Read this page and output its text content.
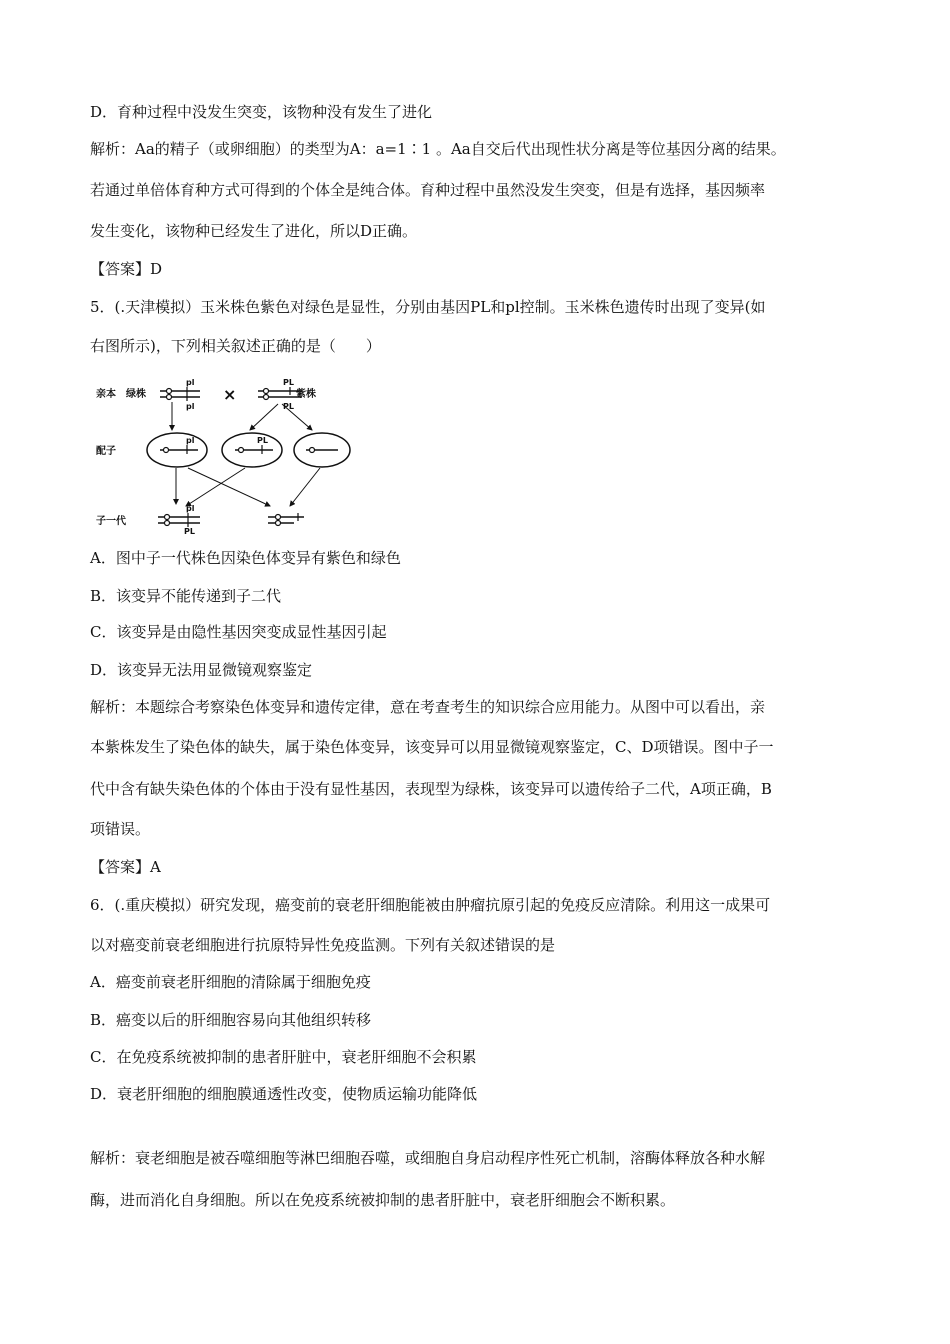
D．育种过程中没发生突变，该物种没有发生了进化
解析：Aa的精子（或卵细胞）的类型为A：a=1∶1 。Aa自交后代出现性状分离是等位基因分离的结果。
若通过单倍体育种方式可得到的个体全是纯合体。育种过程中虽然没发生突变，但是有选择，基因频率
发生变化，该物种已经发生了进化，所以D正确。
【答案】D
5．(.天津模拟）玉米株色紫色对绿色是显性，分别由基因PL和pl控制。玉米株色遗传时出现了变异(如
右图所示)，下列相关叙述正确的是（　　）
亲本 绿株	×	紫株
配子
子一代
pl
pl
PL
PL
pl	PL
pl
PL
A．图中子一代株色因染色体变异有紫色和绿色
B．该变异不能传递到子二代
C．该变异是由隐性基因突变成显性基因引起
D．该变异无法用显微镜观察鉴定
解析：本题综合考察染色体变异和遗传定律，意在考查考生的知识综合应用能力。从图中可以看出，亲
本紫株发生了染色体的缺失，属于染色体变异，该变异可以用显微镜观察鉴定，C、D项错误。图中子一
代中含有缺失染色体的个体由于没有显性基因，表现型为绿株，该变异可以遗传给子二代，A项正确，B
项错误。
【答案】A
6．(.重庆模拟）研究发现，癌变前的衰老肝细胞能被由肿瘤抗原引起的免疫反应清除。利用这一成果可
以对癌变前衰老细胞进行抗原特异性免疫监测。下列有关叙述错误的是
A．癌变前衰老肝细胞的清除属于细胞免疫
B．癌变以后的肝细胞容易向其他组织转移
C．在免疫系统被抑制的患者肝脏中，衰老肝细胞不会积累
D．衰老肝细胞的细胞膜通透性改变，使物质运输功能降低
解析：衰老细胞是被吞噬细胞等淋巴细胞吞噬，或细胞自身启动程序性死亡机制，溶酶体释放各种水解
酶，进而消化自身细胞。所以在免疫系统被抑制的患者肝脏中，衰老肝细胞会不断积累。
